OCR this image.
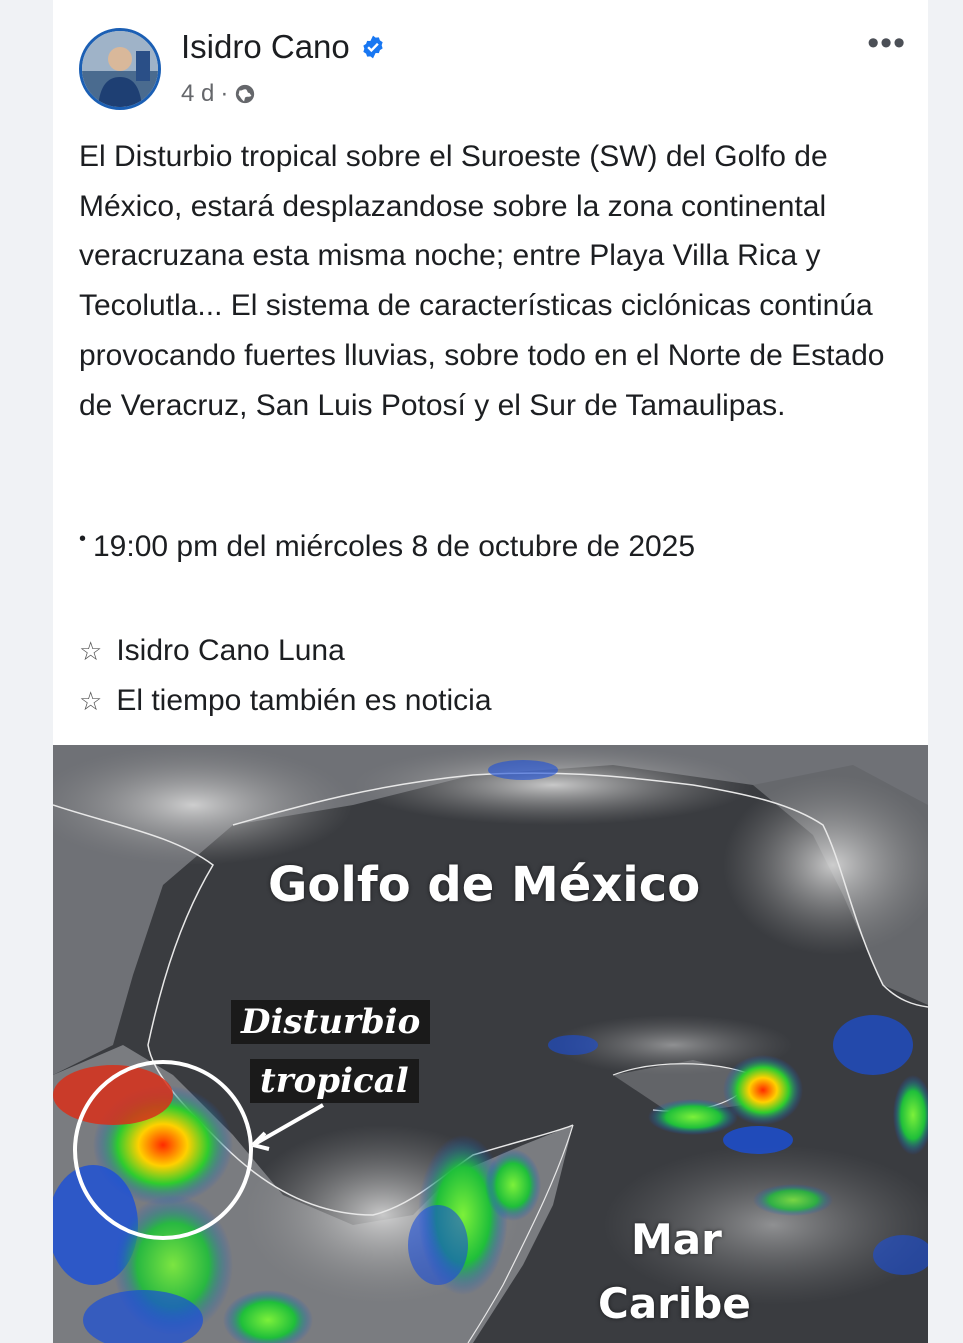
Isidro Cano
4 d ·
•••
El Disturbio tropical sobre el Suroeste (SW) del Golfo de México, estará desplazandose sobre la zona continental veracruzana esta misma noche; entre Playa Villa Rica y Tecolutla... El sistema de características ciclónicas continúa provocando fuertes lluvias, sobre todo en el Norte de Estado de Veracruz, San Luis Potosí y el Sur de Tamaulipas.
• 19:00 pm del miércoles 8 de octubre de 2025
☆ Isidro Cano Luna
☆ El tiempo también es noticia
Golfo de México
Disturbio
tropical
Mar
Caribe
